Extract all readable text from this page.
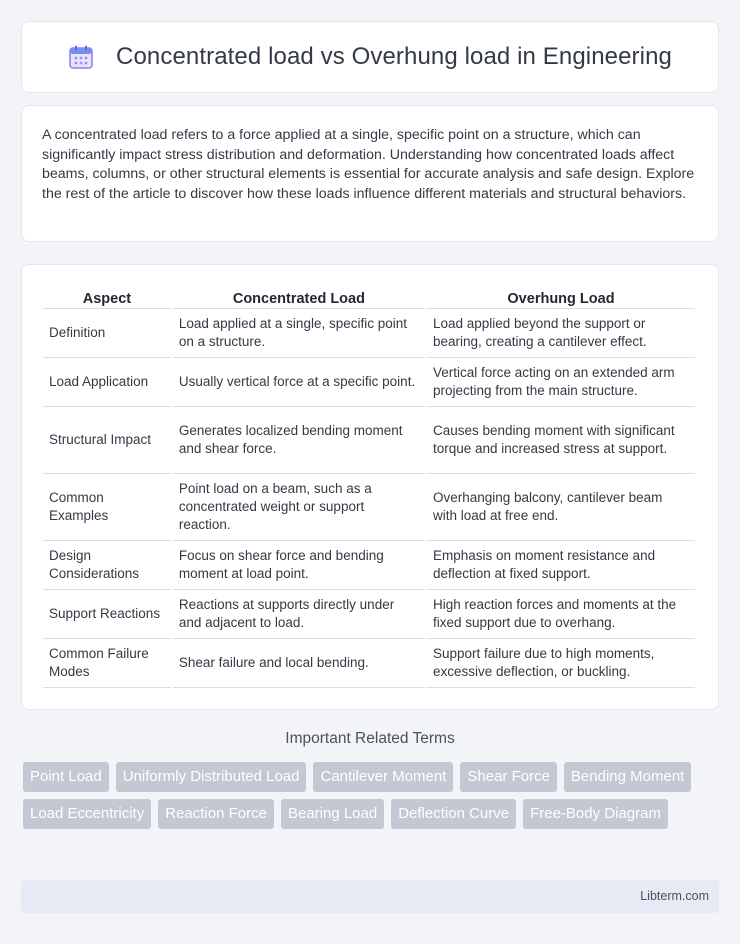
Concentrated load vs Overhung load in Engineering

A concentrated load refers to a force applied at a single, specific point on a structure, which can significantly impact stress distribution and deformation. Understanding how concentrated loads affect beams, columns, or other structural elements is essential for accurate analysis and safe design. Explore the rest of the article to discover how these loads influence different materials and structural behaviors.

Aspect	Concentrated Load	Overhung Load
Definition	Load applied at a single, specific point on a structure.	Load applied beyond the support or bearing, creating a cantilever effect.
Load Application	Usually vertical force at a specific point.	Vertical force acting on an extended arm projecting from the main structure.
Structural Impact	Generates localized bending moment and shear force.	Causes bending moment with significant torque and increased stress at support.
Common Examples	Point load on a beam, such as a concentrated weight or support reaction.	Overhanging balcony, cantilever beam with load at free end.
Design Considerations	Focus on shear force and bending moment at load point.	Emphasis on moment resistance and deflection at fixed support.
Support Reactions	Reactions at supports directly under and adjacent to load.	High reaction forces and moments at the fixed support due to overhang.
Common Failure Modes	Shear failure and local bending.	Support failure due to high moments, excessive deflection, or buckling.
Important Related Terms
Point Load	Uniformly Distributed Load	Cantilever Moment	Shear Force	Bending Moment
Load Eccentricity	Reaction Force	Bearing Load	Deflection Curve	Free-Body Diagram
Libterm.com
